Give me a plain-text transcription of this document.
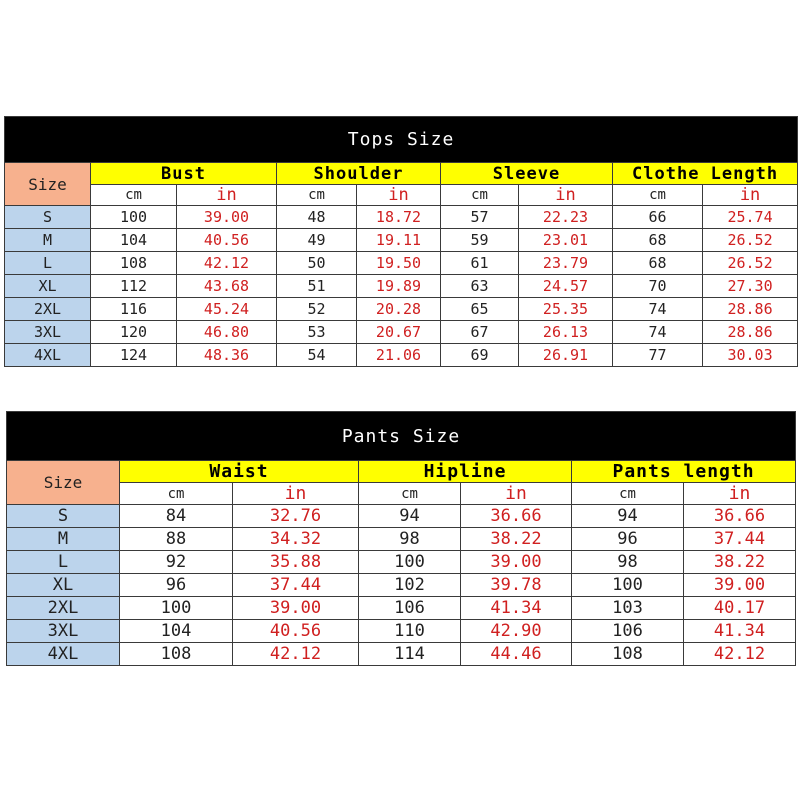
Tops Size								
Size	Bust		Shoulder		Sleeve		Clothe Length	
	cm	in	cm	in	cm	in	cm	in
S	100	39.00	48	18.72	57	22.23	66	25.74
M	104	40.56	49	19.11	59	23.01	68	26.52
L	108	42.12	50	19.50	61	23.79	68	26.52
XL	112	43.68	51	19.89	63	24.57	70	27.30
2XL	116	45.24	52	20.28	65	25.35	74	28.86
3XL	120	46.80	53	20.67	67	26.13	74	28.86
4XL	124	48.36	54	21.06	69	26.91	77	30.03
Pants Size						
Size	Waist		Hipline		Pants length	
	cm	in	cm	in	cm	in
S	84	32.76	94	36.66	94	36.66
M	88	34.32	98	38.22	96	37.44
L	92	35.88	100	39.00	98	38.22
XL	96	37.44	102	39.78	100	39.00
2XL	100	39.00	106	41.34	103	40.17
3XL	104	40.56	110	42.90	106	41.34
4XL	108	42.12	114	44.46	108	42.12
